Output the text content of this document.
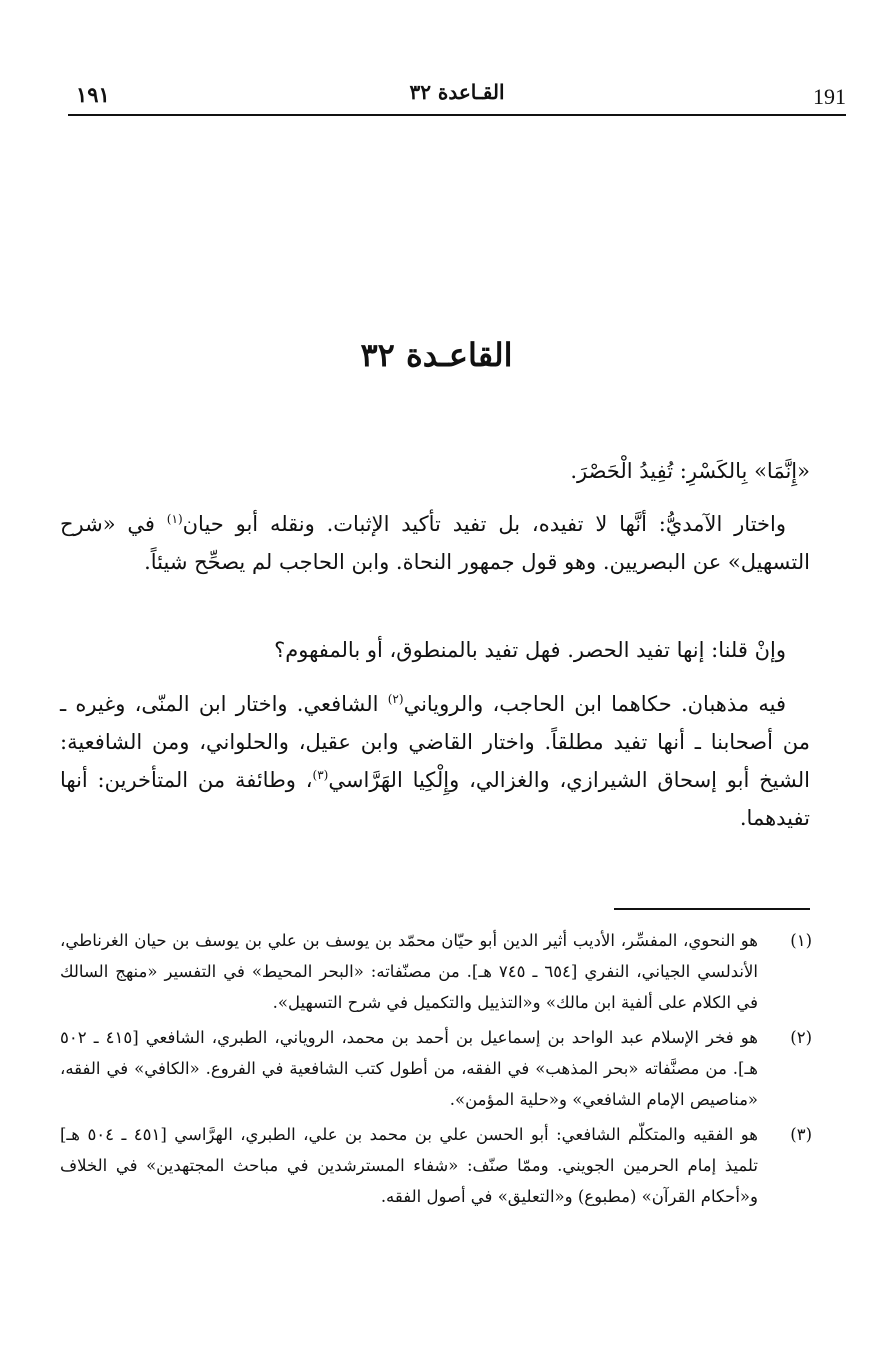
191
القـاعدة ٣٢
١٩١
القاعـدة ٣٢

«إِنَّمَا» بِالكَسْرِ: تُفِيدُ الْحَصْرَ.

واختار الآمديُّ: أنَّها لا تفيده، بل تفيد تأكيد الإثبات. ونقله أبو حيان$^{(١)}$ في «شرح التسهيل» عن البصريين. وهو قول جمهور النحاة. وابن الحاجب لم يصحِّح شيئاً.

وإنْ قلنا: إنها تفيد الحصر. فهل تفيد بالمنطوق، أو بالمفهوم؟

فيه مذهبان. حكاهما ابن الحاجب، والروياني$^{(٢)}$ الشافعي. واختار ابن المنّى، وغيره ـ من أصحابنا ـ أنها تفيد مطلقاً. واختار القاضي وابن عقيل، والحلواني، ومن الشافعية: الشيخ أبو إسحاق الشيرازي، والغزالي، وإِلْكِيا الهَرَّاسي$^{(٣)}$، وطائفة من المتأخرين: أنها تفيدهما.

(١)
هو النحوي، المفسِّر، الأديب أثير الدين أبو حيّان محمّد بن يوسف بن علي بن يوسف بن حيان الغرناطي، الأندلسي الجياني، النفري [٦٥٤ ـ ٧٤٥ هـ]. من مصنّفاته: «البحر المحيط» في التفسير «منهج السالك في الكلام على ألفية ابن مالك» و«التذييل والتكميل في شرح التسهيل».
(٢)
هو فخر الإسلام عبد الواحد بن إسماعيل بن أحمد بن محمد، الروياني، الطبري، الشافعي [٤١٥ ـ ٥٠٢ هـ]. من مصنَّفاته «بحر المذهب» في الفقه، من أطول كتب الشافعية في الفروع. «الكافي» في الفقه، «مناصيص الإمام الشافعي» و«حلية المؤمن».
(٣)
هو الفقيه والمتكلّم الشافعي: أبو الحسن علي بن محمد بن علي، الطبري، الهرَّاسي [٤٥١ ـ ٥٠٤ هـ] تلميذ إمام الحرمين الجويني. وممّا صنّف: «شفاء المسترشدين في مباحث المجتهدين» في الخلاف و«أحكام القرآن» (مطبوع) و«التعليق» في أصول الفقه.
